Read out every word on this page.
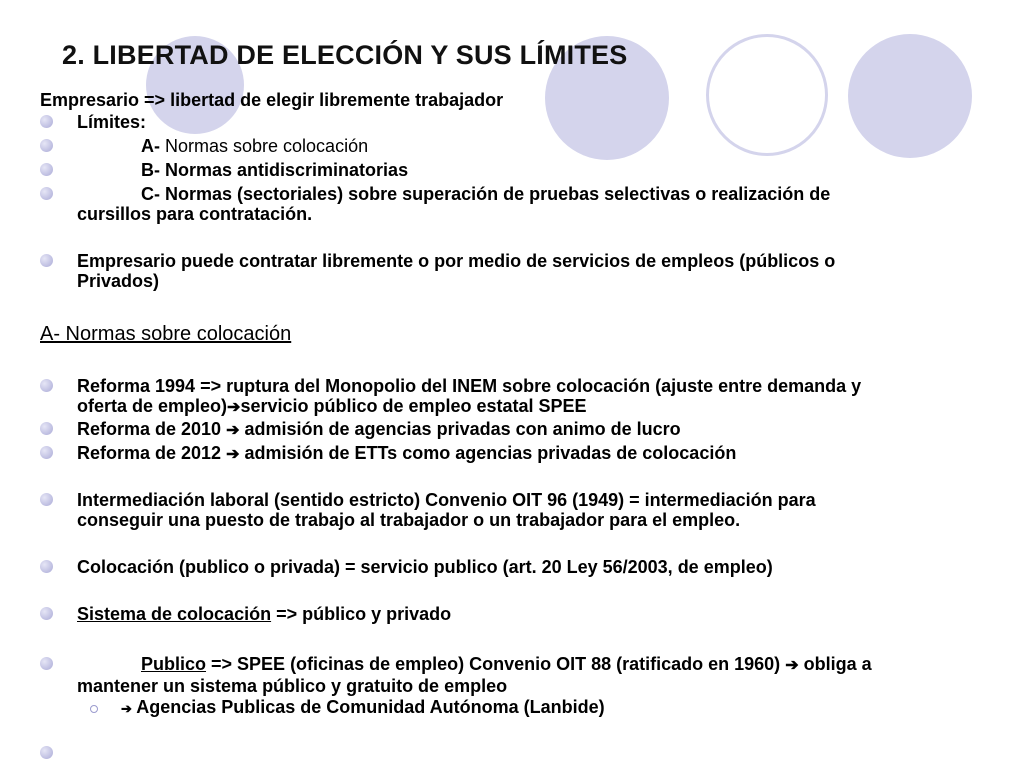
2. LIBERTAD DE ELECCIÓN Y SUS LÍMITES
Empresario => libertad de elegir libremente trabajador
Límites:
A- Normas sobre colocación
B- Normas antidiscriminatorias
C- Normas (sectoriales) sobre superación de pruebas selectivas o realización de
cursillos para contratación.
Empresario puede contratar libremente o por medio de servicios de empleos (públicos o
Privados)
A- Normas sobre colocación
Reforma 1994 => ruptura del Monopolio del INEM sobre colocación (ajuste entre demanda y
oferta de empleo)➔servicio público de empleo estatal SPEE
Reforma de 2010 ➔ admisión de agencias privadas con animo de lucro
Reforma de 2012 ➔ admisión de ETTs como agencias privadas de colocación
Intermediación laboral (sentido estricto) Convenio OIT 96 (1949) = intermediación para
conseguir una puesto de trabajo al trabajador o un trabajador para el empleo.
Colocación (publico o privada) = servicio publico (art. 20 Ley 56/2003, de empleo)
Sistema de colocación => público y privado
Publico => SPEE (oficinas de empleo) Convenio OIT 88 (ratificado en 1960) ➔ obliga a
mantener un sistema público y gratuito de empleo
➔ Agencias Publicas de Comunidad Autónoma (Lanbide)
